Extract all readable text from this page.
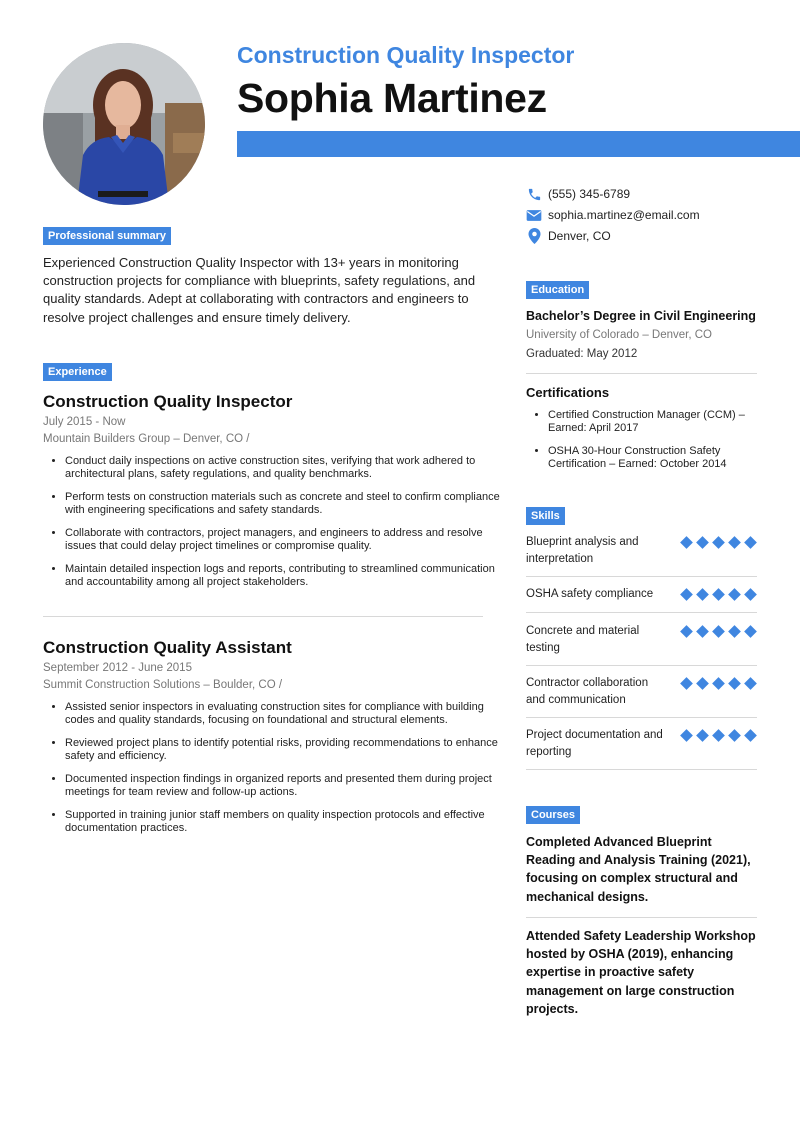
Construction Quality Inspector
Sophia Martinez
(555) 345-6789
sophia.martinez@email.com
Denver, CO
Professional summary
Experienced Construction Quality Inspector with 13+ years in monitoring construction projects for compliance with blueprints, safety regulations, and quality standards. Adept at collaborating with contractors and engineers to resolve project challenges and ensure timely delivery.
Experience
Construction Quality Inspector
July 2015 - Now
Mountain Builders Group – Denver, CO /
• Conduct daily inspections on active construction sites, verifying that work adhered to architectural plans, safety regulations, and quality benchmarks.
• Perform tests on construction materials such as concrete and steel to confirm compliance with engineering specifications and safety standards.
• Collaborate with contractors, project managers, and engineers to address and resolve issues that could delay project timelines or compromise quality.
• Maintain detailed inspection logs and reports, contributing to streamlined communication and accountability among all project stakeholders.
Construction Quality Assistant
September 2012 - June 2015
Summit Construction Solutions – Boulder, CO /
• Assisted senior inspectors in evaluating construction sites for compliance with building codes and quality standards, focusing on foundational and structural elements.
• Reviewed project plans to identify potential risks, providing recommendations to enhance safety and efficiency.
• Documented inspection findings in organized reports and presented them during project meetings for team review and follow-up actions.
• Supported in training junior staff members on quality inspection protocols and effective documentation practices.
Education
Bachelor’s Degree in Civil Engineering
University of Colorado – Denver, CO
Graduated: May 2012
Certifications
• Certified Construction Manager (CCM) – Earned: April 2017
• OSHA 30-Hour Construction Safety Certification – Earned: October 2014
Skills
Blueprint analysis and interpretation
OSHA safety compliance
Concrete and material testing
Contractor collaboration and communication
Project documentation and reporting
Courses
Completed Advanced Blueprint Reading and Analysis Training (2021), focusing on complex structural and mechanical designs.
Attended Safety Leadership Workshop hosted by OSHA (2019), enhancing expertise in proactive safety management on large construction projects.
